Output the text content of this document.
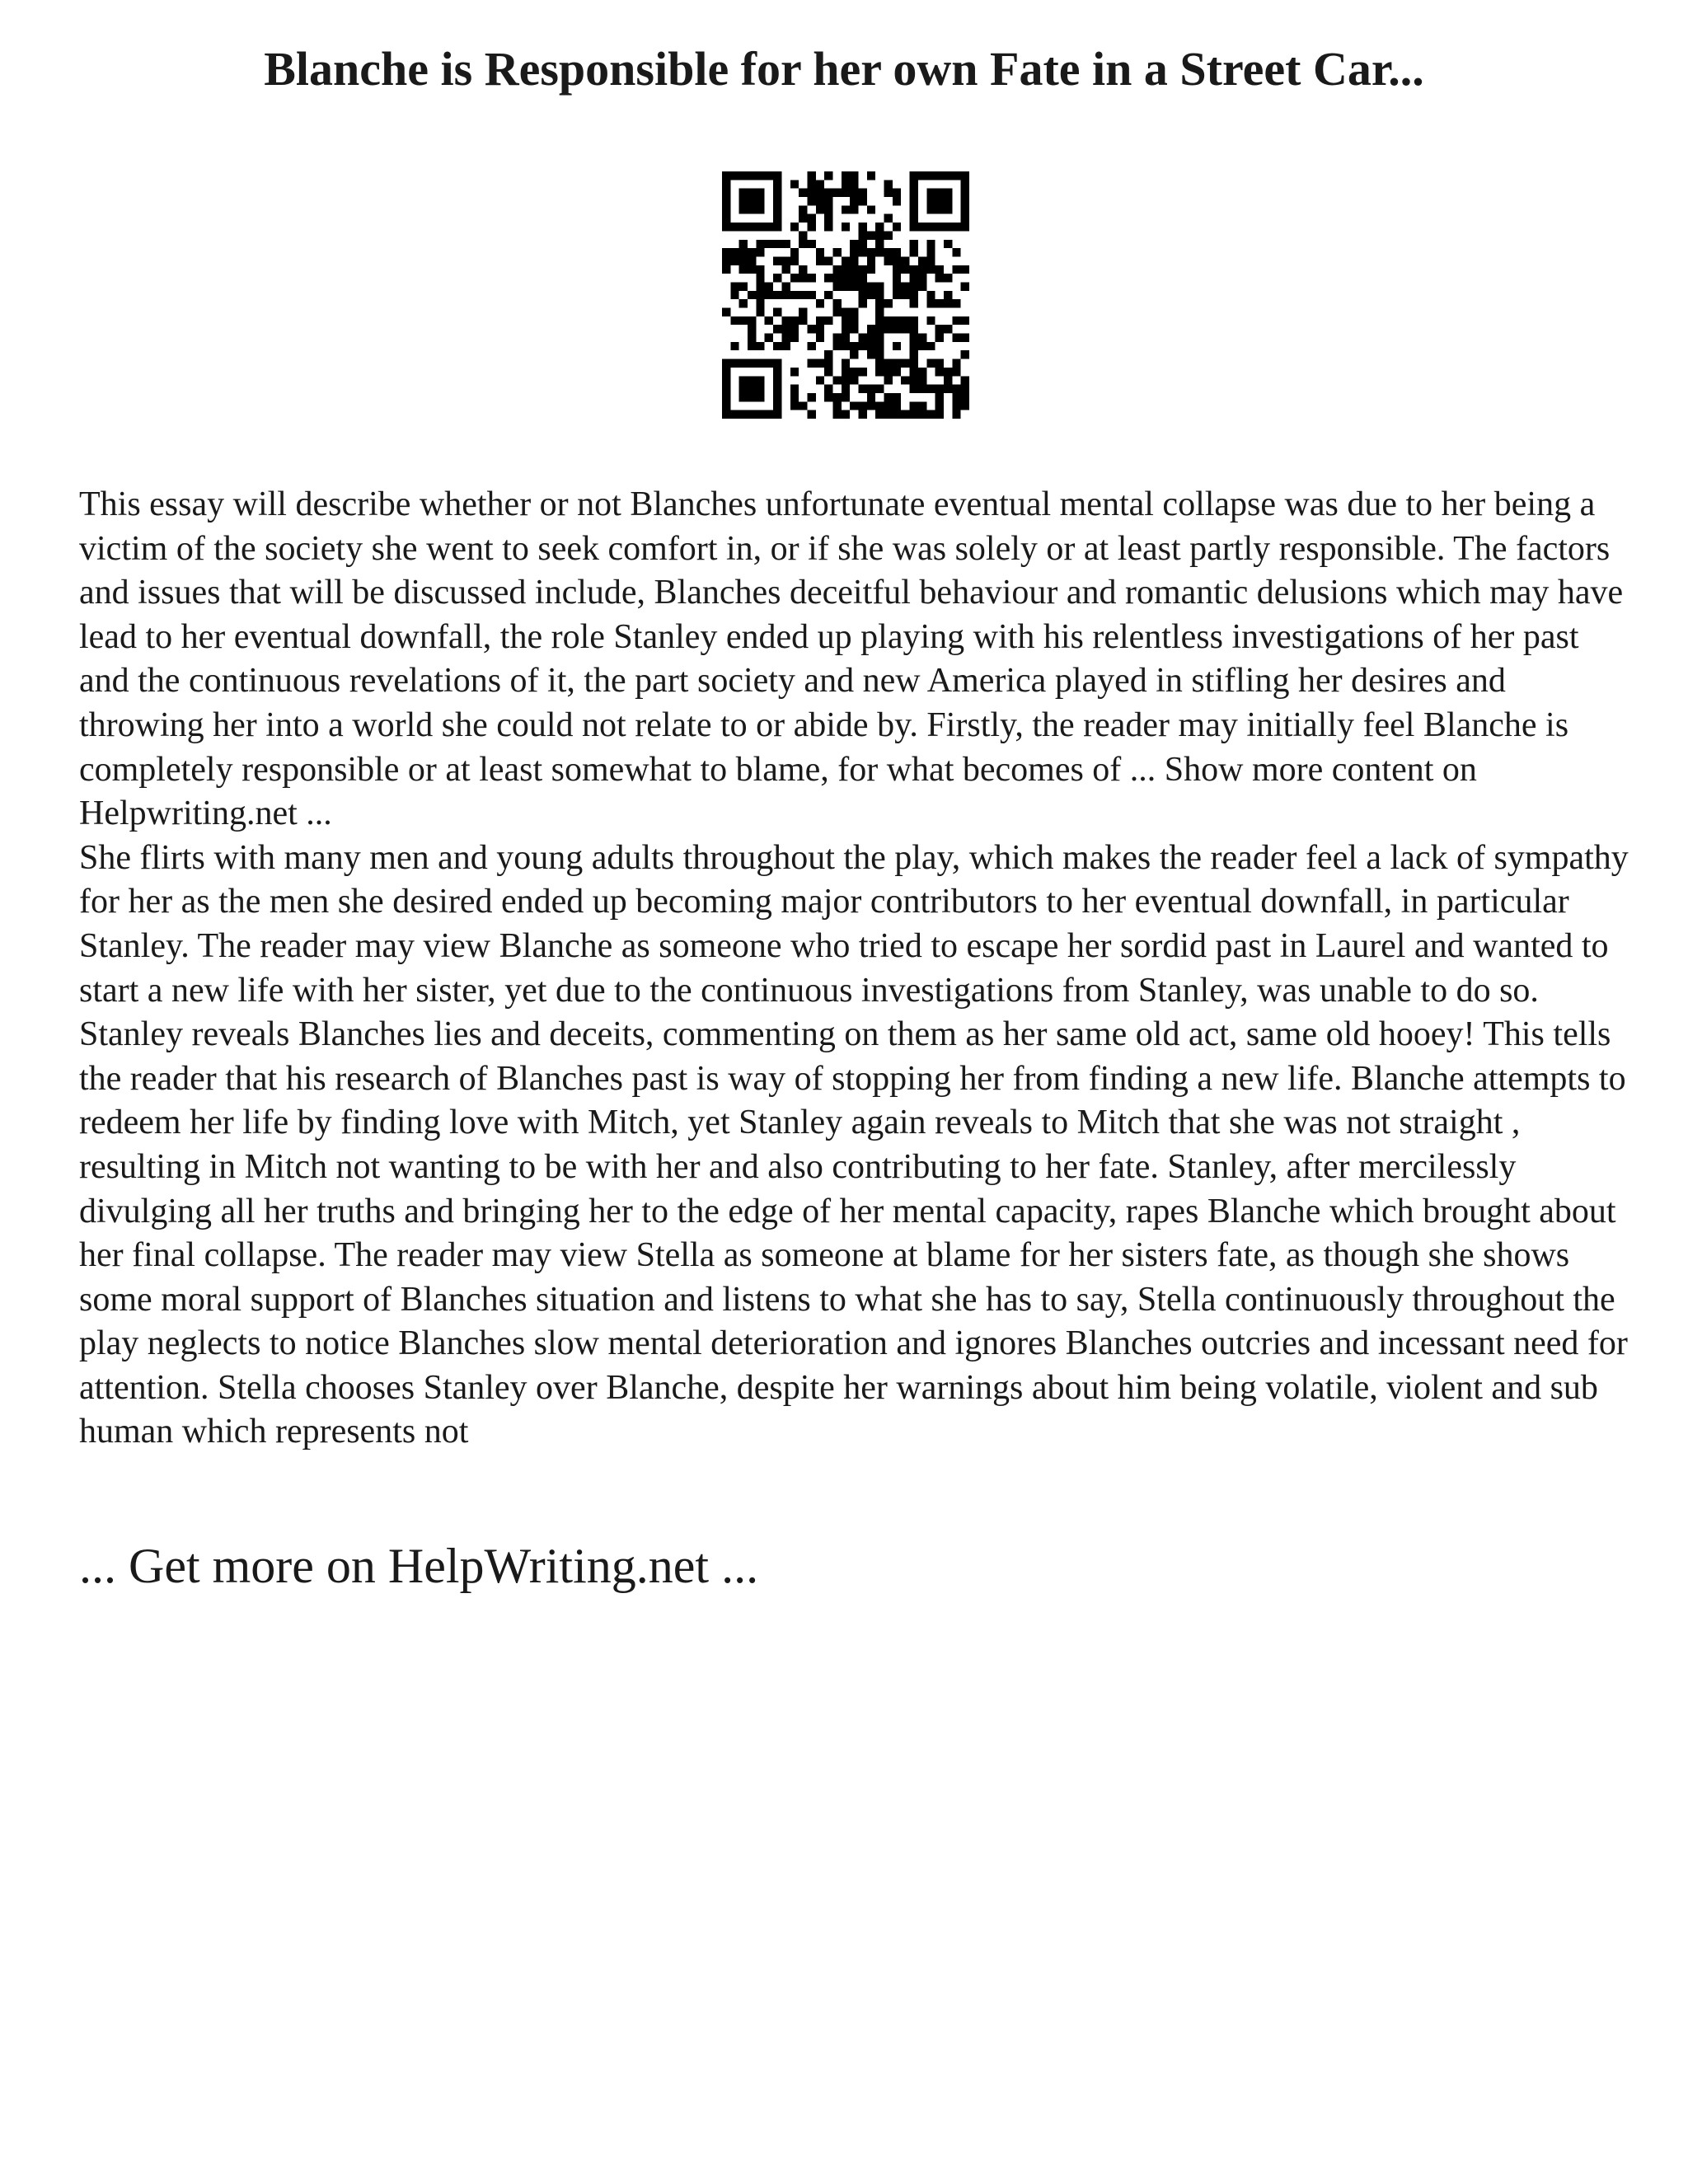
Blanche is Responsible for her own Fate in a Street Car...

This essay will describe whether or not Blanches unfortunate eventual mental collapse was due to her being a victim of the society she went to seek comfort in, or if she was solely or at least partly responsible. The factors and issues that will be discussed include, Blanches deceitful behaviour and romantic delusions which may have lead to her eventual downfall, the role Stanley ended up playing with his relentless investigations of her past and the continuous revelations of it, the part society and new America played in stifling her desires and throwing her into a world she could not relate to or abide by. Firstly, the reader may initially feel Blanche is completely responsible or at least somewhat to blame, for what becomes of ... Show more content on Helpwriting.net ...

She flirts with many men and young adults throughout the play, which makes the reader feel a lack of sympathy for her as the men she desired ended up becoming major contributors to her eventual downfall, in particular Stanley. The reader may view Blanche as someone who tried to escape her sordid past in Laurel and wanted to start a new life with her sister, yet due to the continuous investigations from Stanley, was unable to do so. Stanley reveals Blanches lies and deceits, commenting on them as her same old act, same old hooey! This tells the reader that his research of Blanches past is way of stopping her from finding a new life. Blanche attempts to redeem her life by finding love with Mitch, yet Stanley again reveals to Mitch that she was not straight , resulting in Mitch not wanting to be with her and also contributing to her fate. Stanley, after mercilessly divulging all her truths and bringing her to the edge of her mental capacity, rapes Blanche which brought about her final collapse. The reader may view Stella as someone at blame for her sisters fate, as though she shows some moral support of Blanches situation and listens to what she has to say, Stella continuously throughout the play neglects to notice Blanches slow mental deterioration and ignores Blanches outcries and incessant need for attention. Stella chooses Stanley over Blanche, despite her warnings about him being volatile, violent and sub human which represents not

... Get more on HelpWriting.net ...
